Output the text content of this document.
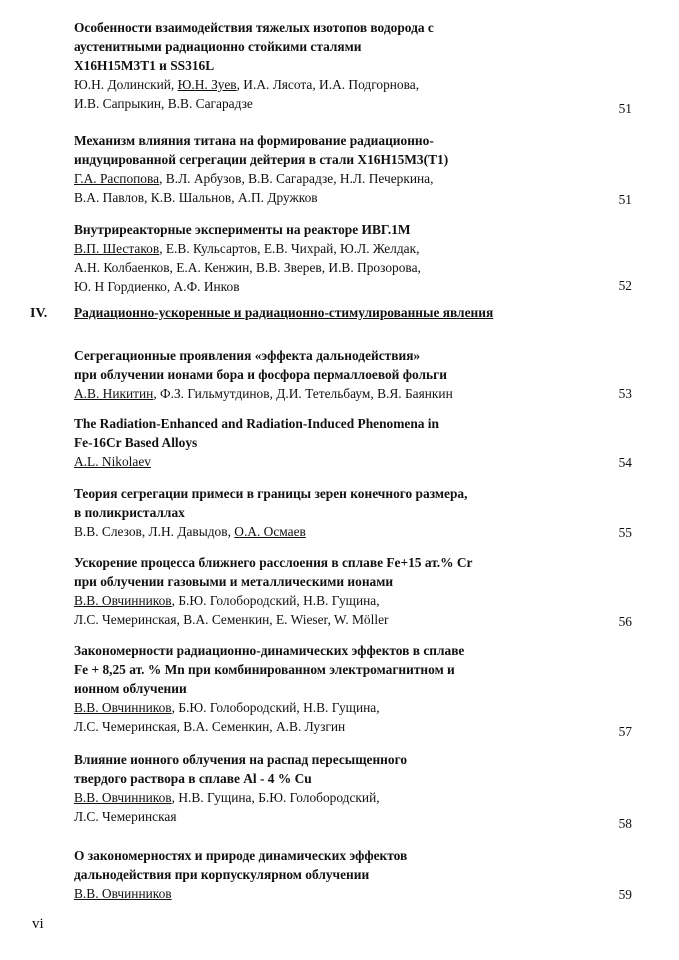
Особенности взаимодействия тяжелых изотопов водорода с
аустенитными радиационно стойкими сталями
Х16Н15М3Т1 и SS316L

Ю.Н. Долинский, Ю.Н. Зуев, И.А. Лясота, И.А. Подгорнова,
И.В. Сапрыкин, В.В. Сагарадзе	51

Механизм влияния титана на формирование радиационно-
индуцированной сегрегации дейтерия в стали Х16Н15М3(Т1)

Г.А. Распопова, В.Л. Арбузов, В.В. Сагарадзе, Н.Л. Печеркина,
В.А. Павлов, К.В. Шальнов, А.П. Дружков	51

Внутриреакторные эксперименты на реакторе ИВГ.1М

В.П. Шестаков, Е.В. Кульсартов, Е.В. Чихрай, Ю.Л. Желдак,
А.Н. Колбаенков, Е.А. Кенжин, В.В. Зверев, И.В. Прозорова,
Ю. Н Гордиенко, А.Ф. Инков	52
IV. Радиационно-ускоренные и радиационно-стимулированные явления

Сегрегационные проявления «эффекта дальнодействия»
при облучении ионами бора и фосфора пермаллоевой фольги

А.В. Никитин, Ф.З. Гильмутдинов, Д.И. Тетельбаум, В.Я. Баянкин	53

The Radiation-Enhanced and Radiation-Induced Phenomena in
Fe-16Cr Based Alloys

A.L. Nikolaev	54

Теория сегрегации примеси в границы зерен конечного размера,
в поликристаллах

В.В. Слезов, Л.Н. Давыдов, О.А. Осмаев	55

Ускорение процесса ближнего расслоения в сплаве Fe+15 ат.% Cr
при облучении газовыми и металлическими ионами

В.В. Овчинников, Б.Ю. Голобородский, Н.В. Гущина,
Л.С. Чемеринская, В.А. Семенкин, E. Wieser, W. Möller	56

Закономерности радиационно-динамических эффектов в сплаве
Fe + 8,25 ат. % Mn при комбинированном электромагнитном и
ионном облучении

В.В. Овчинников, Б.Ю. Голобородский, Н.В. Гущина,
Л.С. Чемеринская, В.А. Семенкин, А.В. Лузгин	57

Влияние ионного облучения на распад пересыщенного
твердого раствора в сплаве Al - 4 % Cu

В.В. Овчинников, Н.В. Гущина, Б.Ю. Голобородский,
Л.С. Чемеринская	58

О закономерностях и природе динамических эффектов
дальнодействия при корпускулярном облучении

В.В. Овчинников	59
vi
